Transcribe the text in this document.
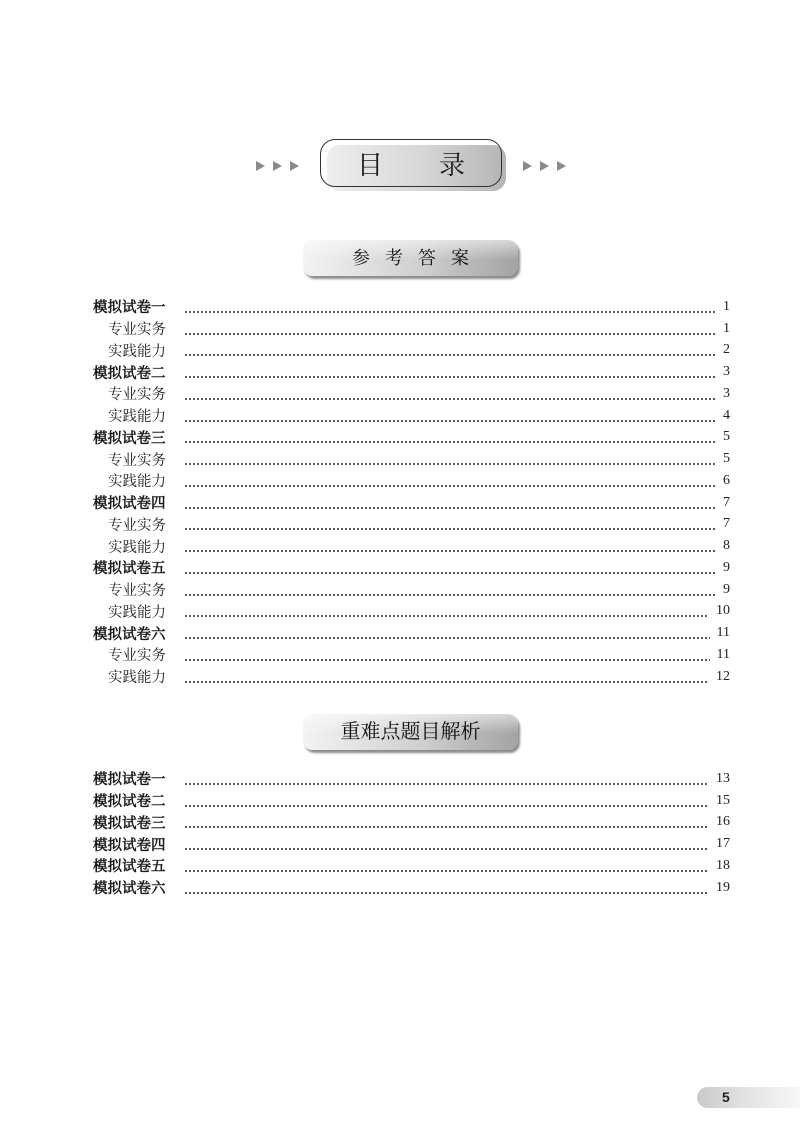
目 录
参 考 答 案
模拟试卷一	1
专业实务	1
实践能力	2
模拟试卷二	3
专业实务	3
实践能力	4
模拟试卷三	5
专业实务	5
实践能力	6
模拟试卷四	7
专业实务	7
实践能力	8
模拟试卷五	9
专业实务	9
实践能力	10
模拟试卷六	11
专业实务	11
实践能力	12
重难点题目解析
模拟试卷一	13
模拟试卷二	15
模拟试卷三	16
模拟试卷四	17
模拟试卷五	18
模拟试卷六	19
5
